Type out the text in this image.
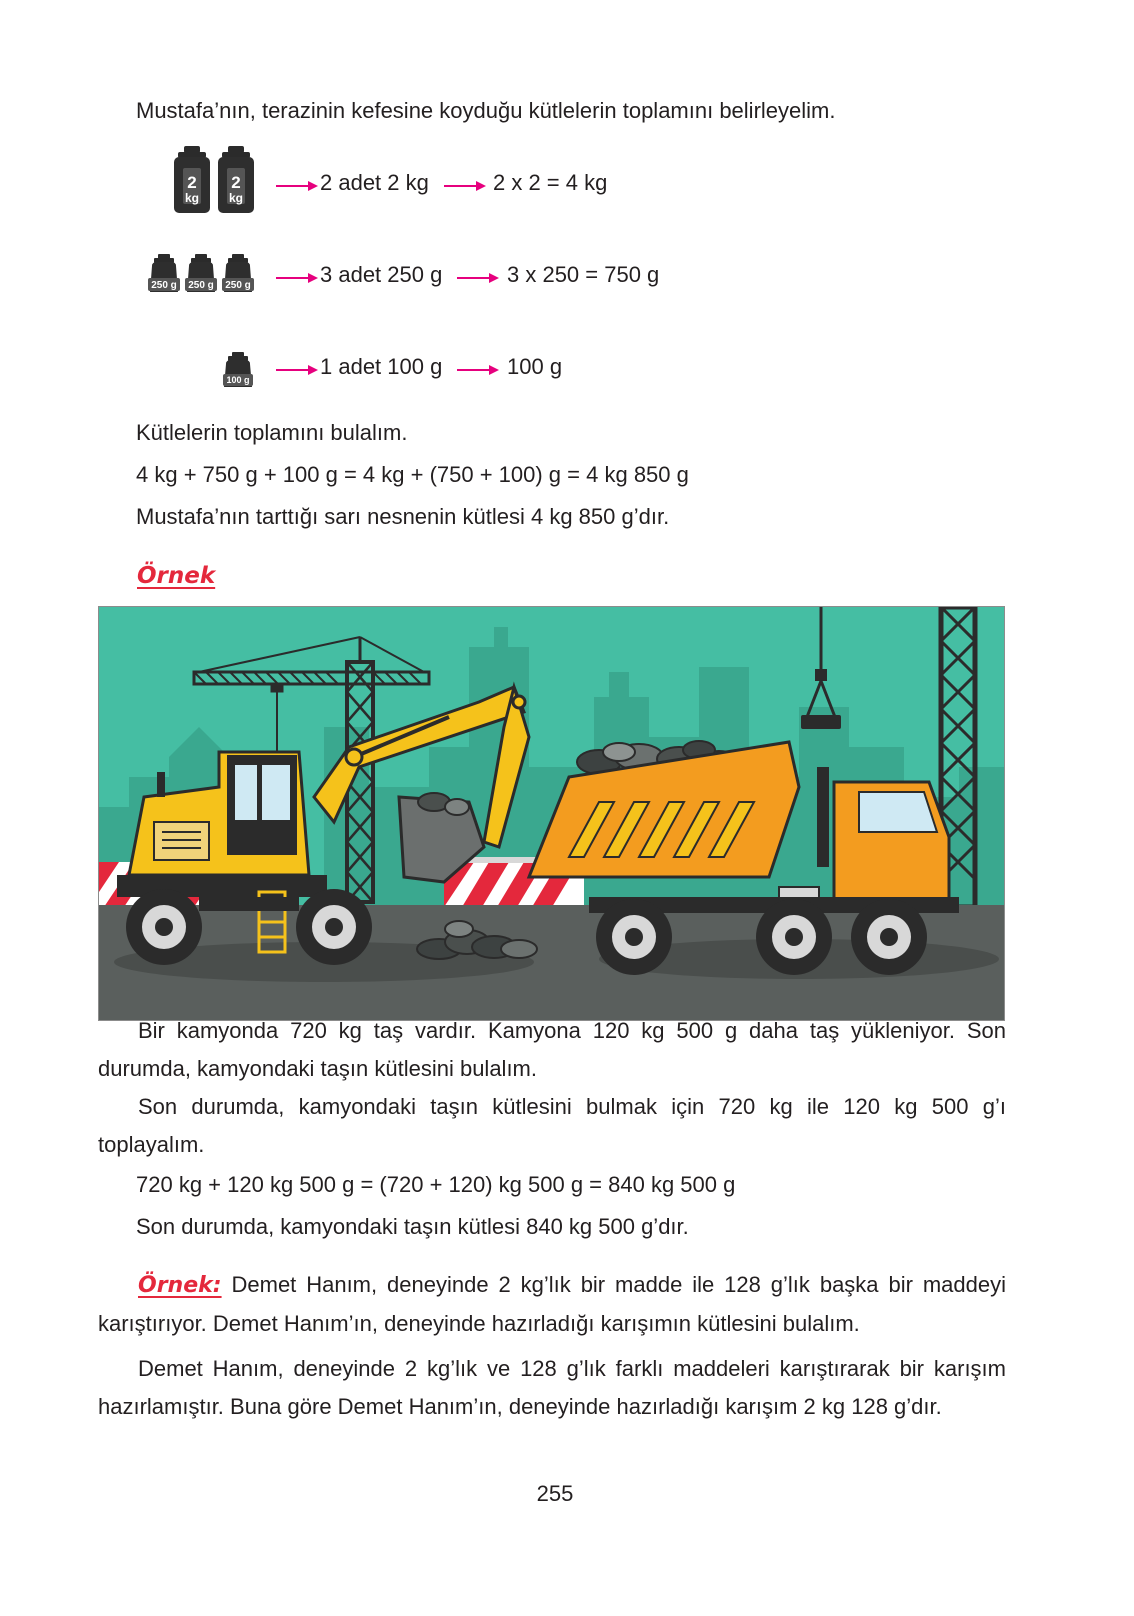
Mustafa’nın, terazinin kefesine koyduğu kütlelerin toplamını belirleyelim.
2
kg
2
kg
2 adet 2 kg	2 x 2 = 4 kg
250 g 250 g 250 g	3 adet 250 g	3 x 250 = 750 g
100 g
1 adet 100 g	100 g
Kütlelerin toplamını bulalım.
4 kg + 750 g + 100 g = 4 kg + (750 + 100) g = 4 kg 850 g
Mustafa’nın tarttığı sarı nesnenin kütlesi 4 kg 850 g’dır.
Örnek
Bir kamyonda 720 kg taş vardır. Kamyona 120 kg 500 g daha taş yükleniyor. Son durumda, kamyondaki taşın kütlesini bulalım.
Son durumda, kamyondaki taşın kütlesini bulmak için 720 kg ile 120 kg 500 g’ı toplayalım.
720 kg + 120 kg 500 g = (720 + 120) kg 500 g = 840 kg 500 g
Son durumda, kamyondaki taşın kütlesi 840 kg 500 g’dır.
Örnek: Demet Hanım, deneyinde 2 kg’lık bir madde ile 128 g’lık başka bir maddeyi karıştırıyor. Demet Hanım’ın, deneyinde hazırladığı karışımın kütlesini bulalım.
Demet Hanım, deneyinde 2 kg’lık ve 128 g’lık farklı maddeleri karıştırarak bir karışım hazırlamıştır. Buna göre Demet Hanım’ın, deneyinde hazırladığı karışım 2 kg 128 g’dır.
255
